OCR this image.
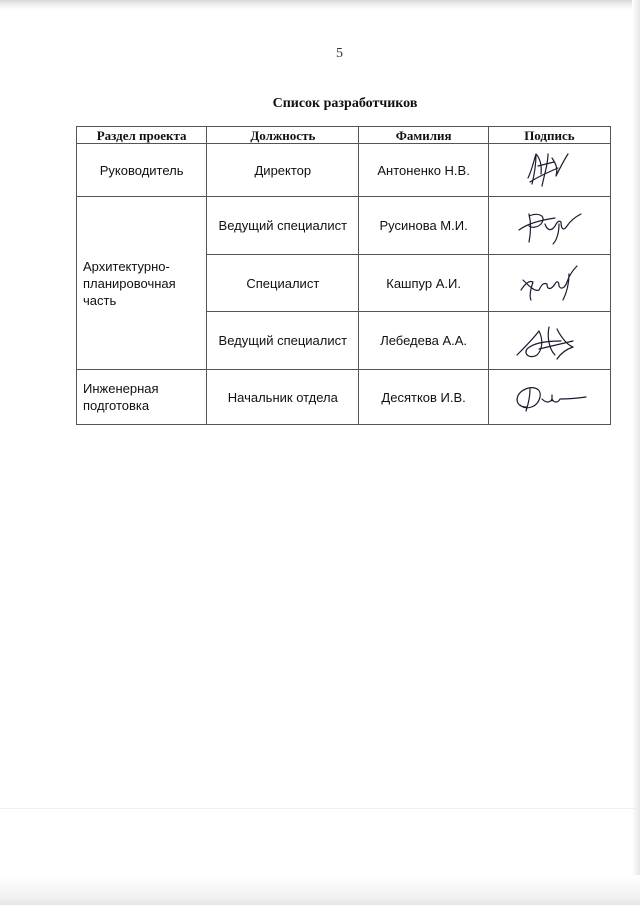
5
Список разработчиков
Раздел проекта	Должность	Фамилия	Подпись
Руководитель	Директор	Антоненко Н.В.	

Архитектурно-планировочная часть	Ведущий специалист	Русинова М.И.	

	Специалист	Кашпур А.И.	

	Ведущий специалист	Лебедева А.А.	

Инженерная подготовка	Начальник отдела	Десятков И.В.	
